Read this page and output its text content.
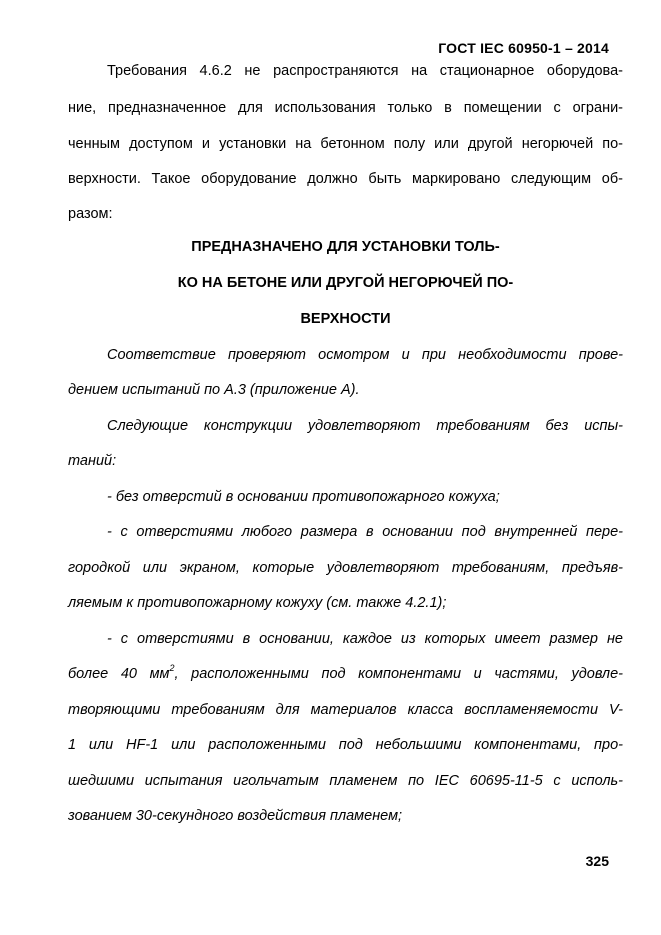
ГОСТ IEC 60950-1 – 2014
Требования 4.6.2 не распространяются на стационарное оборудова-
ние, предназначенное для использования только в помещении с ограни-
ченным доступом и установки на бетонном полу или другой негорючей по-
верхности. Такое оборудование должно быть маркировано следующим об-
разом:
ПРЕДНАЗНАЧЕНО ДЛЯ УСТАНОВКИ ТОЛЬ-
КО НА БЕТОНЕ ИЛИ ДРУГОЙ НЕГОРЮЧЕЙ ПО-
ВЕРХНОСТИ
Соответствие проверяют осмотром и при необходимости прове-
дением испытаний по А.3 (приложение А).
Следующие конструкции удовлетворяют требованиям без испы-
таний:
- без отверстий в основании противопожарного кожуха;
- с отверстиями любого размера в основании под внутренней пере-
городкой или экраном, которые удовлетворяют требованиям, предъяв-
ляемым к противопожарному кожуху (см. также 4.2.1);
- с отверстиями в основании, каждое из которых имеет размер не
более 40 $мм^2$, расположенными под компонентами и частями, удовле-
творяющими требованиям для материалов класса воспламеняемости V-
1 или HF-1 или расположенными под небольшими компонентами, про-
шедшими испытания игольчатым пламенем по IEC 60695-11-5 с исполь-
зованием 30-секундного воздействия пламенем;
325
